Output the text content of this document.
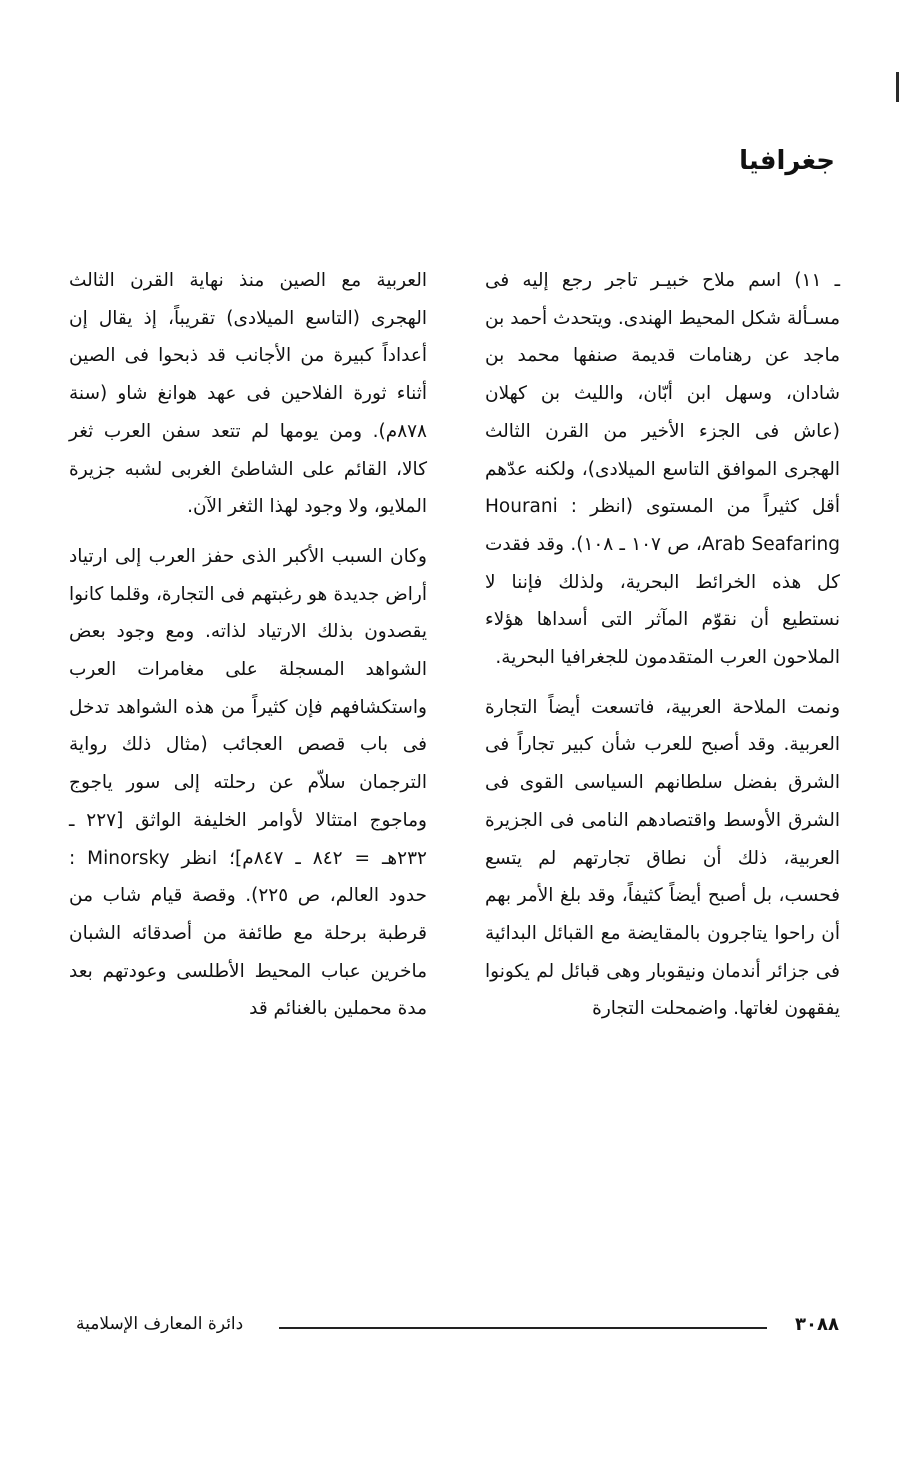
جغرافيا

ـ ١١) اسم ملاح خبيـر تاجر رجع إليه فى مسـألة شكل المحيط الهندى. ويتحدث أحمد بن ماجد عن رهنامات قديمة صنفها محمد بن شادان، وسهل ابن أبّان، والليث بن كهلان (عاش فى الجزء الأخير من القرن الثالث الهجرى الموافق التاسع الميلادى)، ولكنه عدّهم أقل كثيراً من المستوى (انظر Hourani : Arab Seafaring، ص ١٠٧ ـ ١٠٨). وقد فقدت كل هذه الخرائط البحرية، ولذلك فإننا لا نستطيع أن نقوّم المآثر التى أسداها هؤلاء الملاحون العرب المتقدمون للجغرافيا البحرية.

ونمت الملاحة العربية، فاتسعت أيضاً التجارة العربية. وقد أصبح للعرب شأن كبير تجاراً فى الشرق بفضل سلطانهم السياسى القوى فى الشرق الأوسط واقتصادهم النامى فى الجزيرة العربية، ذلك أن نطاق تجارتهم لم يتسع فحسب، بل أصبح أيضاً كثيفاً، وقد بلغ الأمر بهم أن راحوا يتاجرون بالمقايضة مع القبائل البدائية فى جزائر أندمان ونيقوبار وهى قبائل لم يكونوا يفقهون لغاتها. واضمحلت التجارة

العربية مع الصين منذ نهاية القرن الثالث الهجرى (التاسع الميلادى) تقريباً، إذ يقال إن أعداداً كبيرة من الأجانب قد ذبحوا فى الصين أثناء ثورة الفلاحين فى عهد هوانغ شاو (سنة ٨٧٨م). ومن يومها لم تتعد سفن العرب ثغر كالا، القائم على الشاطئ الغربى لشبه جزيرة الملايو، ولا وجود لهذا الثغر الآن.

وكان السبب الأكبر الذى حفز العرب إلى ارتياد أراض جديدة هو رغبتهم فى التجارة، وقلما كانوا يقصدون بذلك الارتياد لذاته. ومع وجود بعض الشواهد المسجلة على مغامرات العرب واستكشافهم فإن كثيراً من هذه الشواهد تدخل فى باب قصص العجائب (مثال ذلك رواية الترجمان سلاّم عن رحلته إلى سور ياجوج وماجوج امتثالا لأوامر الخليفة الواثق [٢٢٧ ـ ٢٣٢هـ = ٨٤٢ ـ ٨٤٧م]؛ انظر Minorsky : حدود العالم، ص ٢٢٥). وقصة قيام شاب من قرطبة برحلة مع طائفة من أصدقائه الشبان ماخرين عباب المحيط الأطلسى وعودتهم بعد مدة محملين بالغنائم قد

٣٠٨٨
دائرة المعارف الإسلامية
